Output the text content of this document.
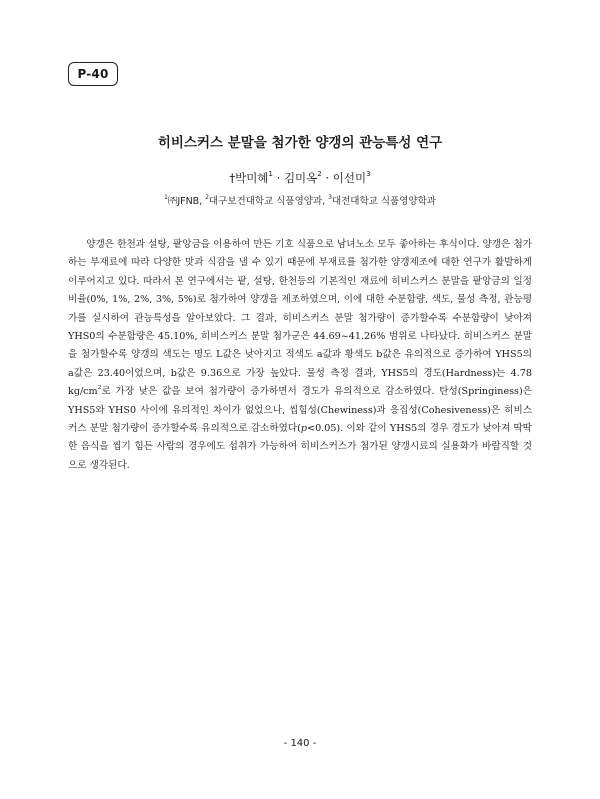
P-40
히비스커스 분말을 첨가한 양갱의 관능특성 연구
†박미혜$^1$ · 김미옥$^2$ · 이선미$^3$
$^1$㈜JFNB, $^2$대구보건대학교 식품영양과, $^3$대전대학교 식품영양학과

양갱은 한천과 설탕, 팥앙금을 이용하여 만든 기호 식품으로 남녀노소 모두 좋아하는 후식이다. 양갱은 첨가하는 부재료에 따라 다양한 맛과 식감을 낼 수 있기 때문에 부재료를 첨가한 양갱제조에 대한 연구가 활발하게 이루어지고 있다. 따라서 본 연구에서는 팥, 설탕, 한천등의 기본적인 재료에 히비스커스 분말을 팥앙금의 일정비율(0%, 1%, 2%, 3%, 5%)로 첨가하여 양갱을 제조하였으며, 이에 대한 수분함량, 색도, 물성 측정, 관능평가를 실시하여 관능특성을 알아보았다. 그 결과, 히비스커스 분말 첨가량이 증가할수록 수분함량이 낮아져 YHS0의 수분함량은 45.10%, 히비스커스 분말 첨가군은 44.69~41.26% 범위로 나타났다. 히비스커스 분말을 첨가할수록 양갱의 색도는 명도 L값은 낮아지고 적색도 a값과 황색도 b값은 유의적으로 증가하여 YHS5의 a값은 23.40이었으며, b값은 9.36으로 가장 높았다. 물성 측정 결과, YHS5의 경도(Hardness)는 4.78 $kg/cm^2$로 가장 낮은 값을 보여 첨가량이 증가하면서 경도가 유의적으로 감소하였다. 탄성(Springiness)은 YHS5와 YHS0 사이에 유의적인 차이가 없었으나, 씹힘성(Chewiness)과 응집성(Cohesiveness)은 히비스커스 분말 첨가량이 증가할수록 유의적으로 감소하였다(p<0.05). 이와 같이 YHS5의 경우 경도가 낮아져 딱딱한 음식을 씹기 힘든 사람의 경우에도 섭취가 가능하여 히비스커스가 첨가된 양갱시료의 실용화가 바람직할 것으로 생각된다.

- 140 -
